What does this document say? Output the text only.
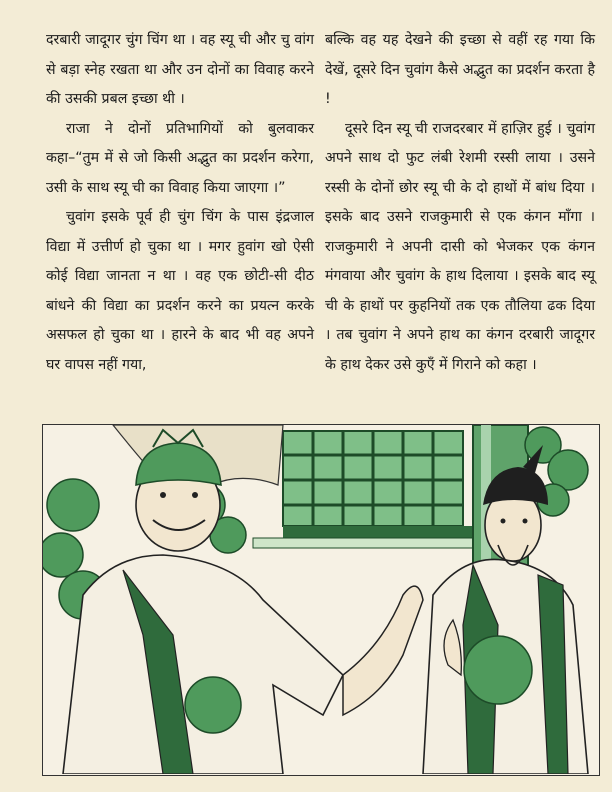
दरबारी जादूगर चुंग चिंग था । वह स्यू ची और चु वांग से बड़ा स्नेह रखता था और उन दोनों का विवाह करने की उसकी प्रबल इच्छा थी ।

राजा ने दोनों प्रतिभागियों को बुलवाकर कहा–“तुम में से जो किसी अद्भुत का प्रदर्शन करेगा, उसी के साथ स्यू ची का विवाह किया जाएगा ।”

चुवांग इसके पूर्व ही चुंग चिंग के पास इंद्रजाल विद्या में उत्तीर्ण हो चुका था । मगर हुवांग खो ऐसी कोई विद्या जानता न था । वह एक छोटी-सी दीठ बांधने की विद्या का प्रदर्शन करने का प्रयत्न करके असफल हो चुका था । हारने के बाद भी वह अपने घर वापस नहीं गया,

बल्कि वह यह देखने की इच्छा से वहीं रह गया कि देखें, दूसरे दिन चुवांग कैसे अद्भुत का प्रदर्शन करता है !

दूसरे दिन स्यू ची राजदरबार में हाज़िर हुई । चुवांग अपने साथ दो फुट लंबी रेशमी रस्सी लाया । उसने रस्सी के दोनों छोर स्यू ची के दो हाथों में बांध दिया । इसके बाद उसने राजकुमारी से एक कंगन माँगा । राजकुमारी ने अपनी दासी को भेजकर एक कंगन मंगवाया और चुवांग के हाथ दिलाया । इसके बाद स्यू ची के हाथों पर कुहनियों तक एक तौलिया ढक दिया । तब चुवांग ने अपने हाथ का कंगन दरबारी जादूगर के हाथ देकर उसे कुएँ में गिराने को कहा ।
